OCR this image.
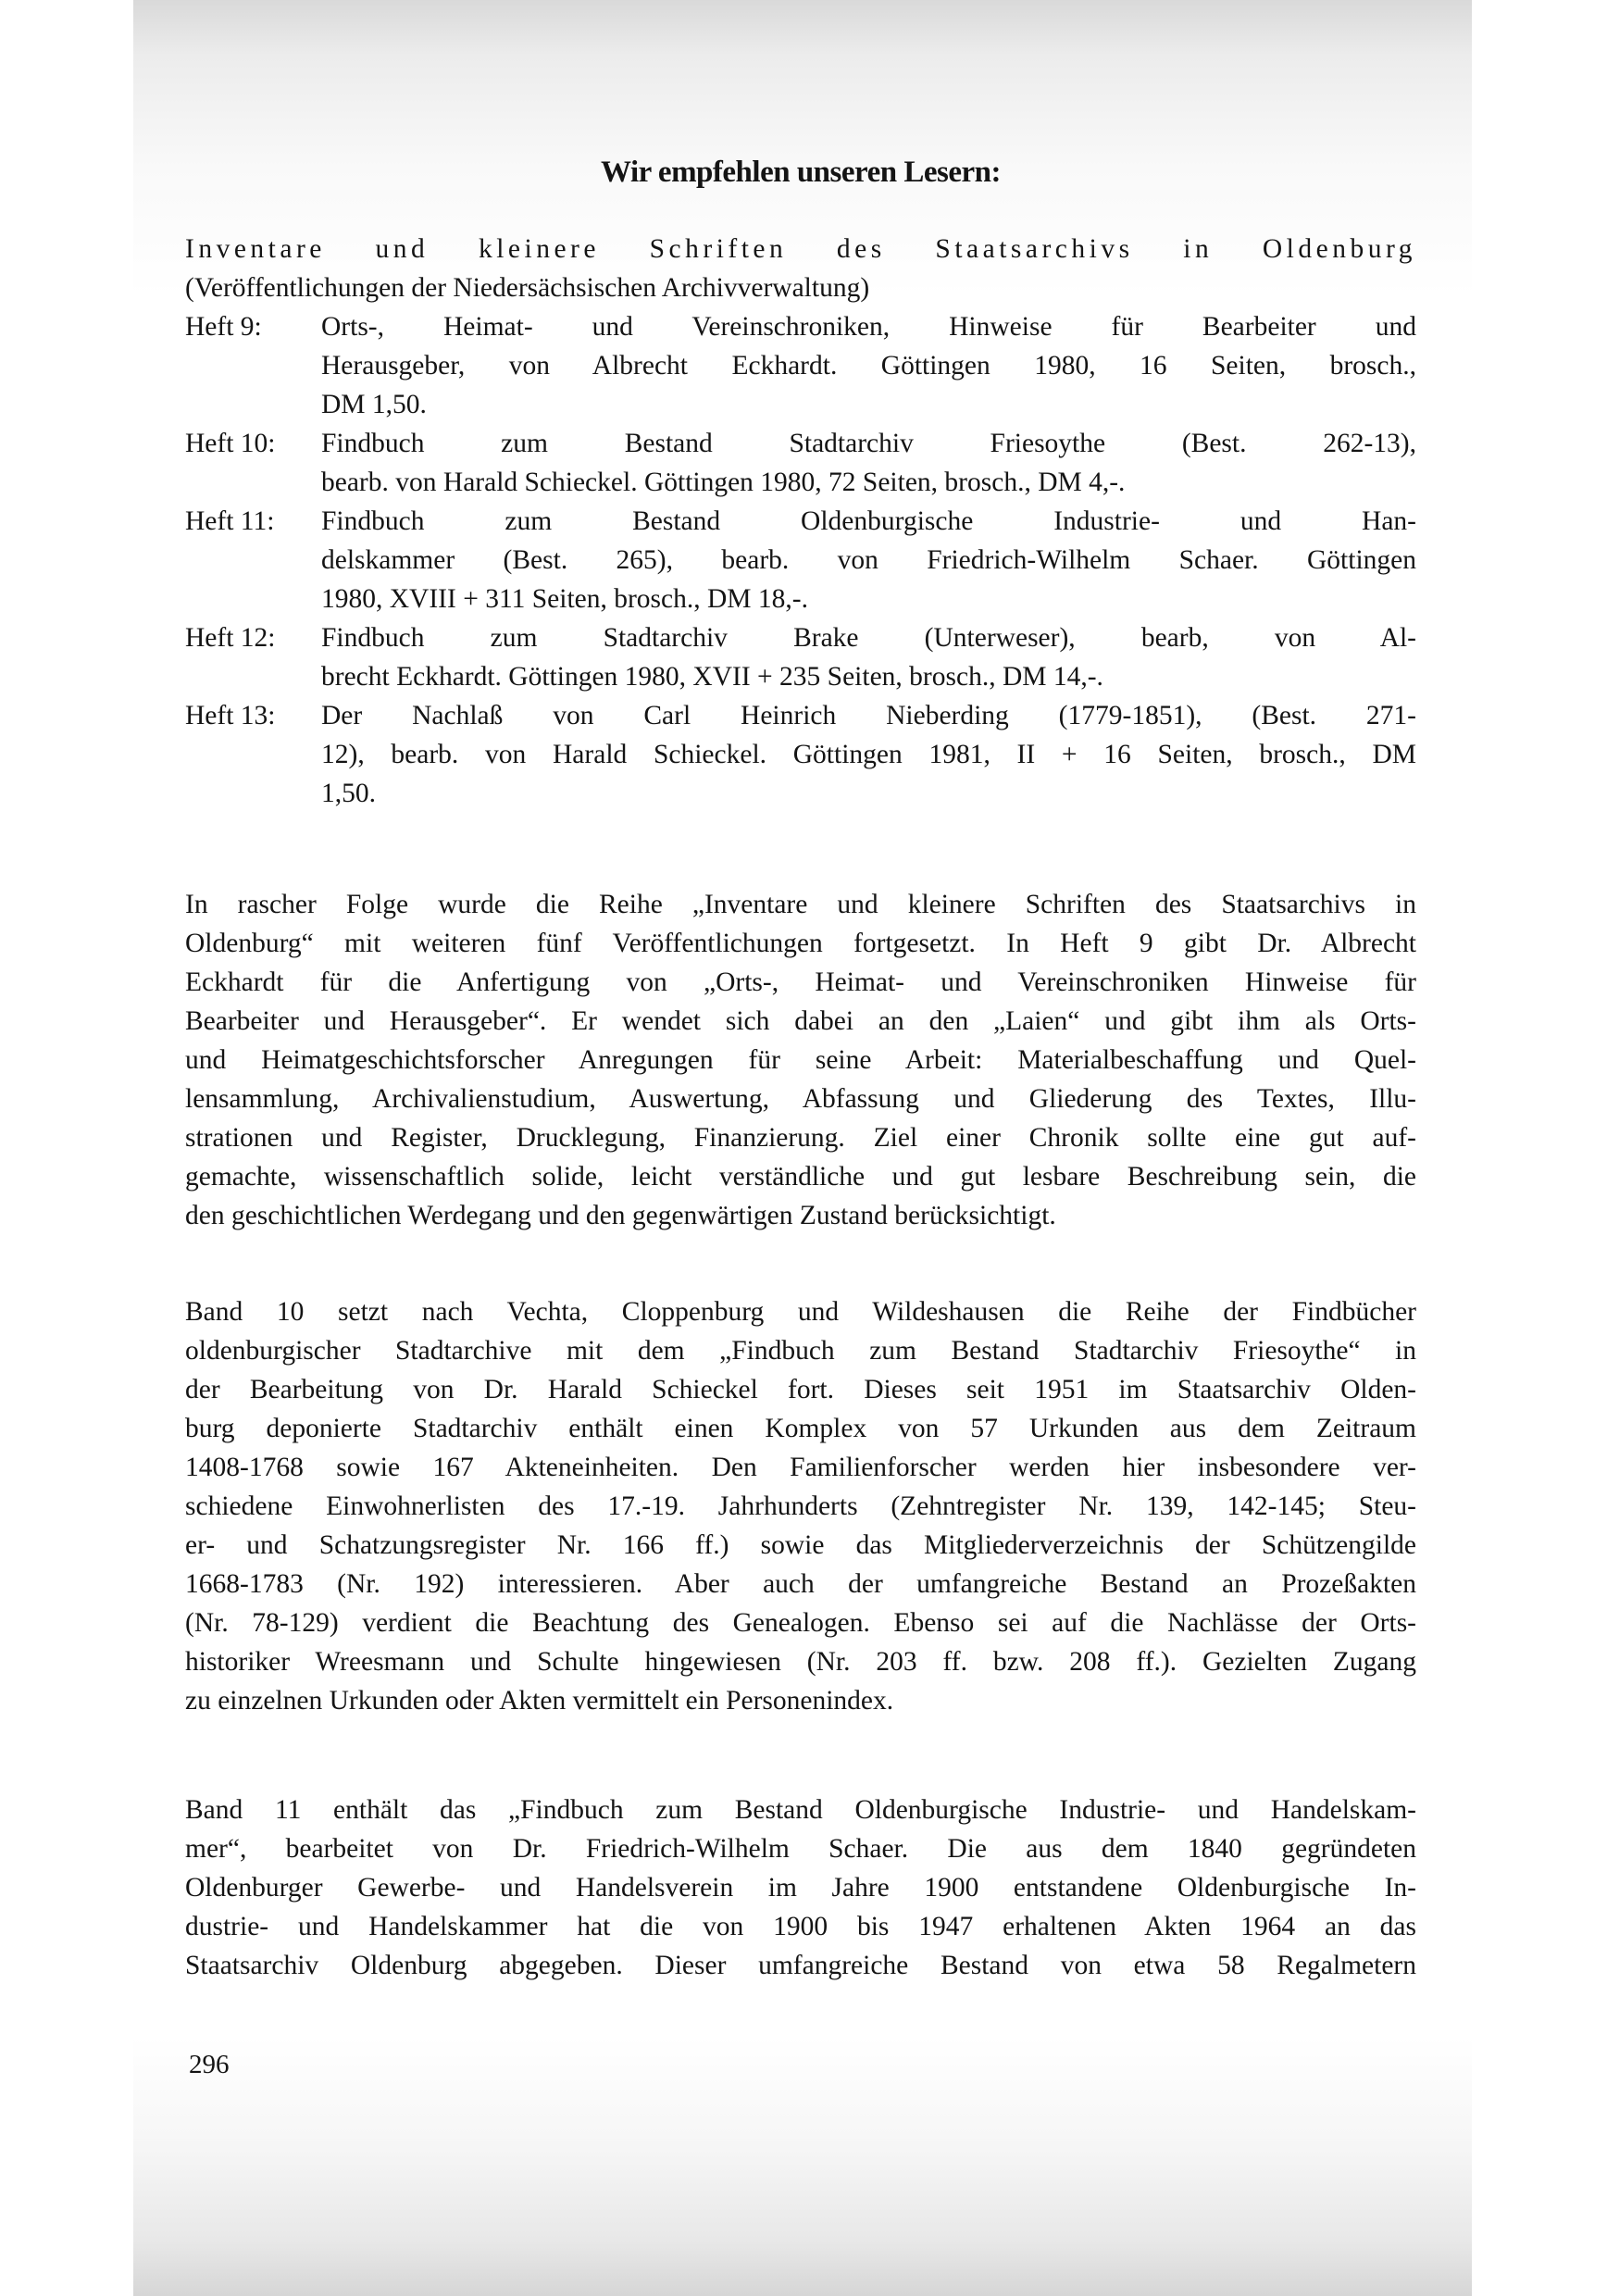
Wir empfehlen unseren Lesern:
Inventare und kleinere Schriften des Staatsarchivs in Oldenburg
(Veröffentlichungen der Niedersächsischen Archivverwaltung)
Heft 9: Orts-, Heimat- und Vereinschroniken, Hinweise für Bearbeiter und
Herausgeber, von Albrecht Eckhardt. Göttingen 1980, 16 Seiten, brosch.,
DM 1,50.
Heft 10: Findbuch zum Bestand Stadtarchiv Friesoythe (Best. 262-13),
bearb. von Harald Schieckel. Göttingen 1980, 72 Seiten, brosch., DM 4,-.
Heft 11: Findbuch zum Bestand Oldenburgische Industrie- und Han-
delskammer (Best. 265), bearb. von Friedrich-Wilhelm Schaer. Göttingen
1980, XVIII + 311 Seiten, brosch., DM 18,-.
Heft 12: Findbuch zum Stadtarchiv Brake (Unterweser), bearb, von Al-
brecht Eckhardt. Göttingen 1980, XVII + 235 Seiten, brosch., DM 14,-.
Heft 13: Der Nachlaß von Carl Heinrich Nieberding (1779-1851), (Best. 271-
12), bearb. von Harald Schieckel. Göttingen 1981, II + 16 Seiten, brosch., DM
1,50.
In rascher Folge wurde die Reihe „Inventare und kleinere Schriften des Staatsarchivs in
Oldenburg“ mit weiteren fünf Veröffentlichungen fortgesetzt. In Heft 9 gibt Dr. Albrecht
Eckhardt für die Anfertigung von „Orts-, Heimat- und Vereinschroniken Hinweise für
Bearbeiter und Herausgeber“. Er wendet sich dabei an den „Laien“ und gibt ihm als Orts-
und Heimatgeschichtsforscher Anregungen für seine Arbeit: Materialbeschaffung und Quel-
lensammlung, Archivalienstudium, Auswertung, Abfassung und Gliederung des Textes, Illu-
strationen und Register, Drucklegung, Finanzierung. Ziel einer Chronik sollte eine gut auf-
gemachte, wissenschaftlich solide, leicht verständliche und gut lesbare Beschreibung sein, die
den geschichtlichen Werdegang und den gegenwärtigen Zustand berücksichtigt.
Band 10 setzt nach Vechta, Cloppenburg und Wildeshausen die Reihe der Findbücher
oldenburgischer Stadtarchive mit dem „Findbuch zum Bestand Stadtarchiv Friesoythe“ in
der Bearbeitung von Dr. Harald Schieckel fort. Dieses seit 1951 im Staatsarchiv Olden-
burg deponierte Stadtarchiv enthält einen Komplex von 57 Urkunden aus dem Zeitraum
1408-1768 sowie 167 Akteneinheiten. Den Familienforscher werden hier insbesondere ver-
schiedene Einwohnerlisten des 17.-19. Jahrhunderts (Zehntregister Nr. 139, 142-145; Steu-
er- und Schatzungsregister Nr. 166 ff.) sowie das Mitgliederverzeichnis der Schützengilde
1668-1783 (Nr. 192) interessieren. Aber auch der umfangreiche Bestand an Prozeßakten
(Nr. 78-129) verdient die Beachtung des Genealogen. Ebenso sei auf die Nachlässe der Orts-
historiker Wreesmann und Schulte hingewiesen (Nr. 203 ff. bzw. 208 ff.). Gezielten Zugang
zu einzelnen Urkunden oder Akten vermittelt ein Personenindex.
Band 11 enthält das „Findbuch zum Bestand Oldenburgische Industrie- und Handelskam-
mer“, bearbeitet von Dr. Friedrich-Wilhelm Schaer. Die aus dem 1840 gegründeten
Oldenburger Gewerbe- und Handelsverein im Jahre 1900 entstandene Oldenburgische In-
dustrie- und Handelskammer hat die von 1900 bis 1947 erhaltenen Akten 1964 an das
Staatsarchiv Oldenburg abgegeben. Dieser umfangreiche Bestand von etwa 58 Regalmetern
296
